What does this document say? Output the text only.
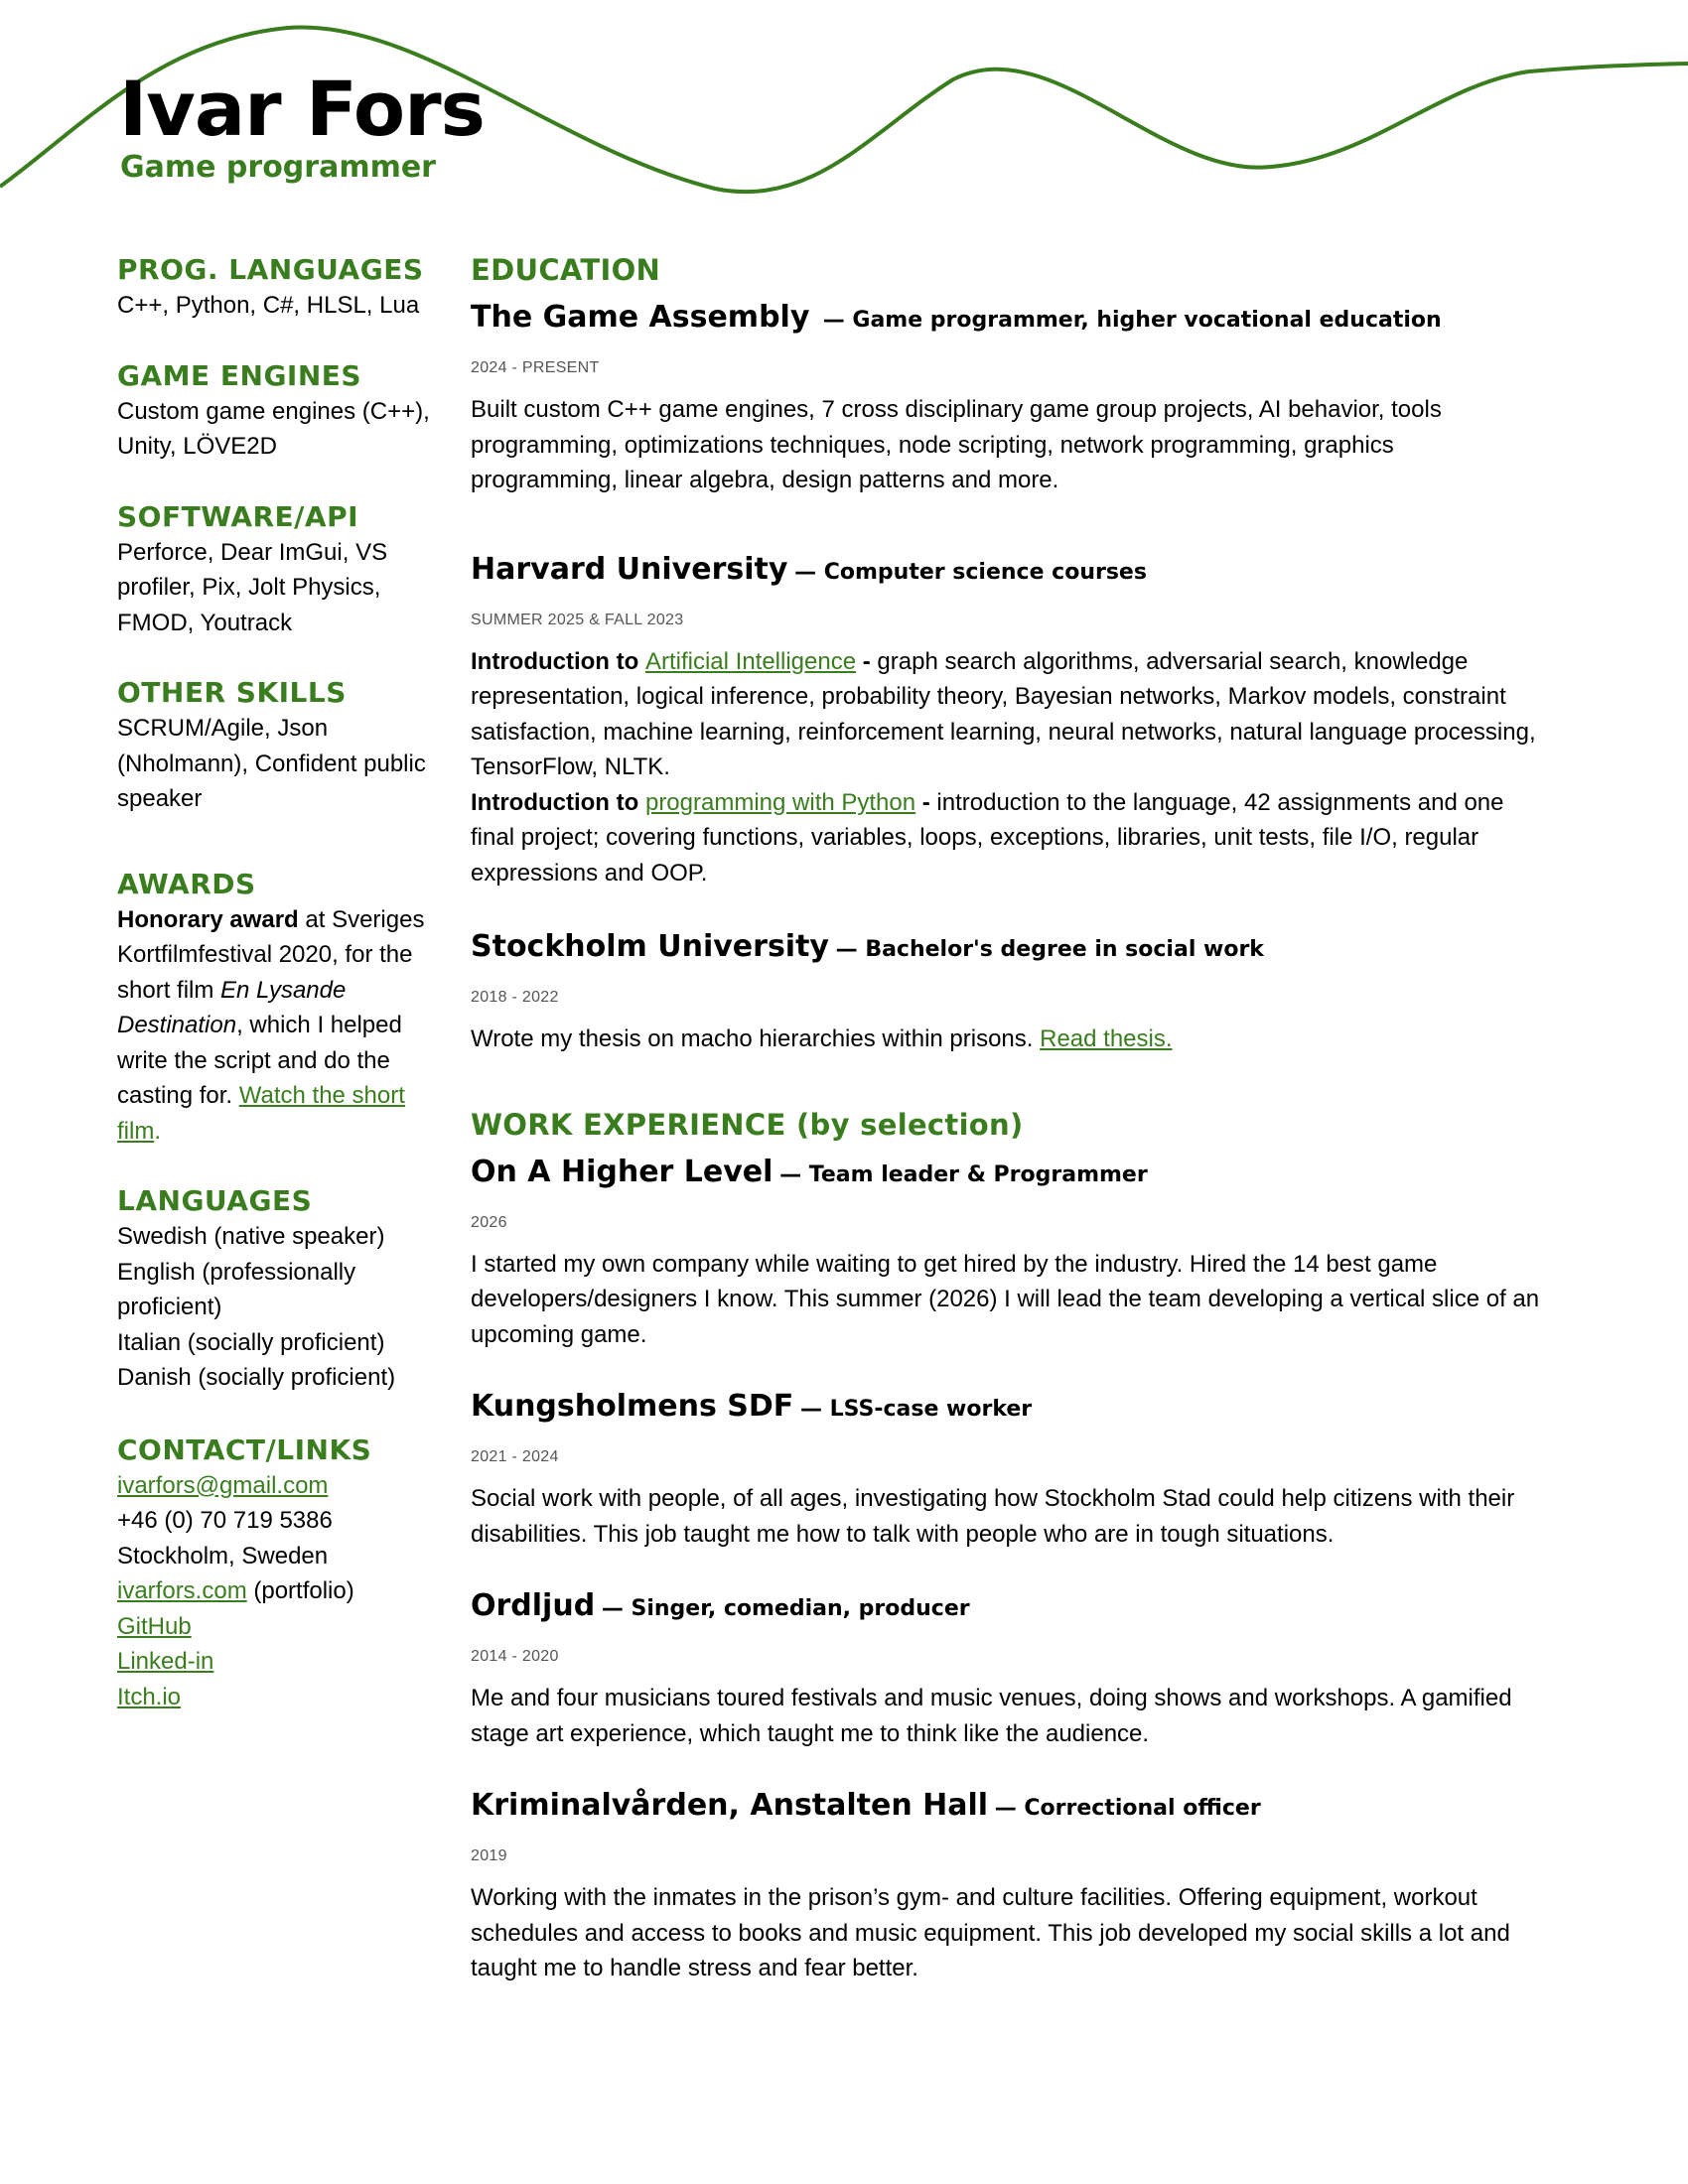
Ivar Fors
Game programmer
PROG. LANGUAGES

C++, Python, C#, HLSL, Lua

GAME ENGINES

Custom game engines (C++), Unity, LÖVE2D

SOFTWARE/API

Perforce, Dear ImGui, VS profiler, Pix, Jolt Physics, FMOD, Youtrack

OTHER SKILLS

SCRUM/Agile, Json (Nholmann), Confident public speaker

AWARDS

Honorary award at Sveriges Kortfilmfestival 2020, for the short film En Lysande Destination, which I helped write the script and do the casting for. Watch the short film.

LANGUAGES
Swedish (native speaker)
English (professionally proficient)
Italian (socially proficient)
Danish (socially proficient)
CONTACT/LINKS
ivarfors@gmail.com
+46 (0) 70 719 5386
Stockholm, Sweden
ivarfors.com (portfolio)
GitHub
Linked-in
Itch.io
EDUCATION
The Game Assembly — Game programmer, higher vocational education
2024 - PRESENT
Built custom C++ game engines, 7 cross disciplinary game group projects, AI behavior, tools programming, optimizations techniques, node scripting, network programming, graphics programming, linear algebra, design patterns and more.
Harvard University — Computer science courses
SUMMER 2025 & FALL 2023

Introduction to Artificial Intelligence - graph search algorithms, adversarial search, knowledge representation, logical inference, probability theory, Bayesian networks, Markov models, constraint satisfaction, machine learning, reinforcement learning, neural networks, natural language processing, TensorFlow, NLTK.

Introduction to programming with Python - introduction to the language, 42 assignments and one final project; covering functions, variables, loops, exceptions, libraries, unit tests, file I/O, regular expressions and OOP.

Stockholm University — Bachelor's degree in social work
2018 - 2022
Wrote my thesis on macho hierarchies within prisons. Read thesis.
WORK EXPERIENCE (by selection)
On A Higher Level — Team leader & Programmer
2026
I started my own company while waiting to get hired by the industry. Hired the 14 best game developers/designers I know. This summer (2026) I will lead the team developing a vertical slice of an upcoming game.
Kungsholmens SDF — LSS-case worker
2021 - 2024
Social work with people, of all ages, investigating how Stockholm Stad could help citizens with their disabilities. This job taught me how to talk with people who are in tough situations.
Ordljud — Singer, comedian, producer
2014 - 2020
Me and four musicians toured festivals and music venues, doing shows and workshops. A gamified stage art experience, which taught me to think like the audience.
Kriminalvården, Anstalten Hall — Correctional officer
2019
Working with the inmates in the prison’s gym- and culture facilities. Offering equipment, workout schedules and access to books and music equipment. This job developed my social skills a lot and taught me to handle stress and fear better.
